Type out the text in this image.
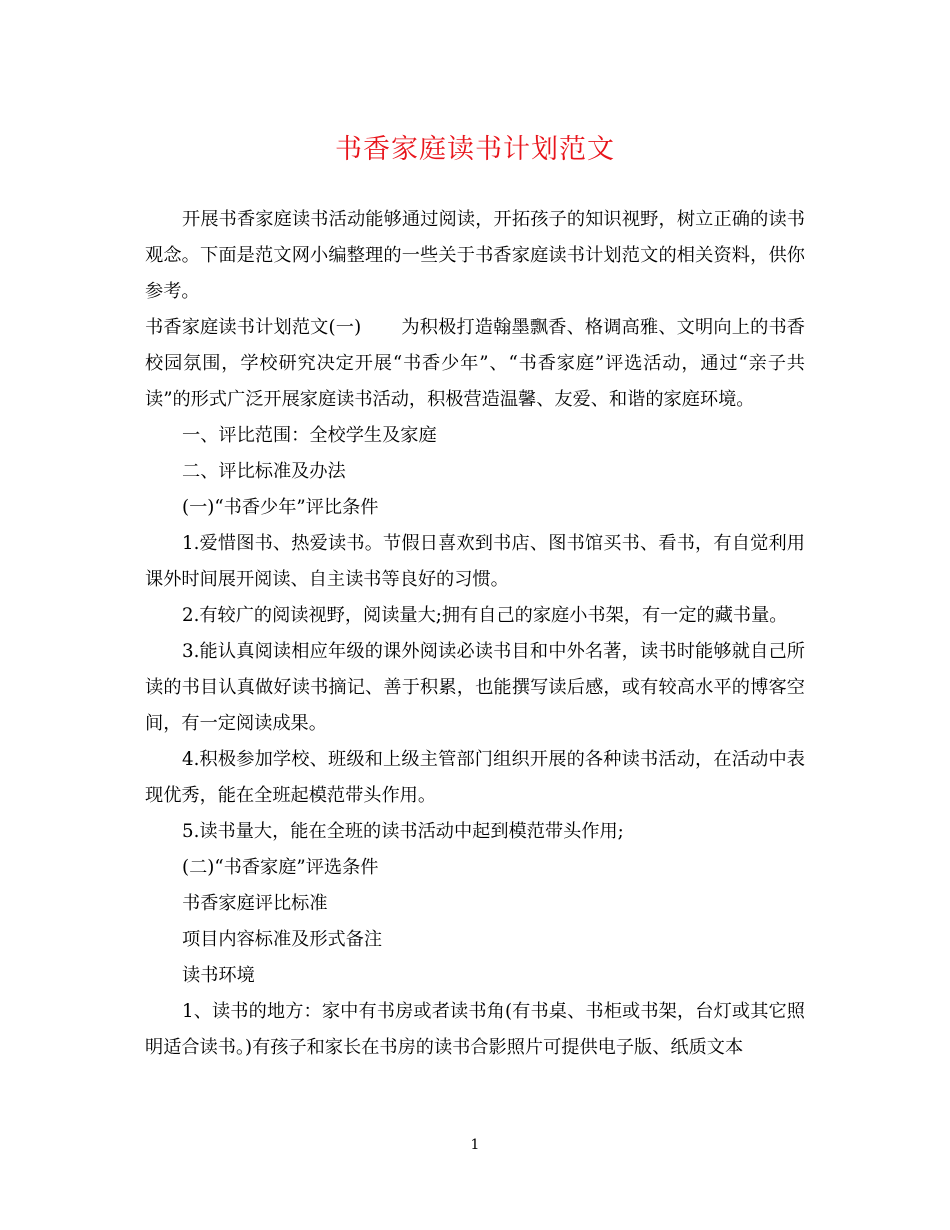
书香家庭读书计划范文

开展书香家庭读书活动能够通过阅读，开拓孩子的知识视野，树立正确的读书观念。下面是范文网小编整理的一些关于书香家庭读书计划范文的相关资料，供你参考。

书香家庭读书计划范文(一) 为积极打造翰墨飘香、格调高雅、文明向上的书香校园氛围，学校研究决定开展“书香少年”、“书香家庭”评选活动，通过“亲子共读”的形式广泛开展家庭读书活动，积极营造温馨、友爱、和谐的家庭环境。

一、评比范围：全校学生及家庭

二、评比标准及办法

(一)“书香少年”评比条件

1.爱惜图书、热爱读书。节假日喜欢到书店、图书馆买书、看书，有自觉利用课外时间展开阅读、自主读书等良好的习惯。

2.有较广的阅读视野，阅读量大;拥有自己的家庭小书架，有一定的藏书量。

3.能认真阅读相应年级的课外阅读必读书目和中外名著，读书时能够就自己所读的书目认真做好读书摘记、善于积累，也能撰写读后感，或有较高水平的博客空间，有一定阅读成果。

4.积极参加学校、班级和上级主管部门组织开展的各种读书活动，在活动中表现优秀，能在全班起模范带头作用。

5.读书量大，能在全班的读书活动中起到模范带头作用;

(二)“书香家庭”评选条件

书香家庭评比标准

项目内容标准及形式备注

读书环境

1、读书的地方：家中有书房或者读书角(有书桌、书柜或书架，台灯或其它照明适合读书。)有孩子和家长在书房的读书合影照片可提供电子版、纸质文本

1
